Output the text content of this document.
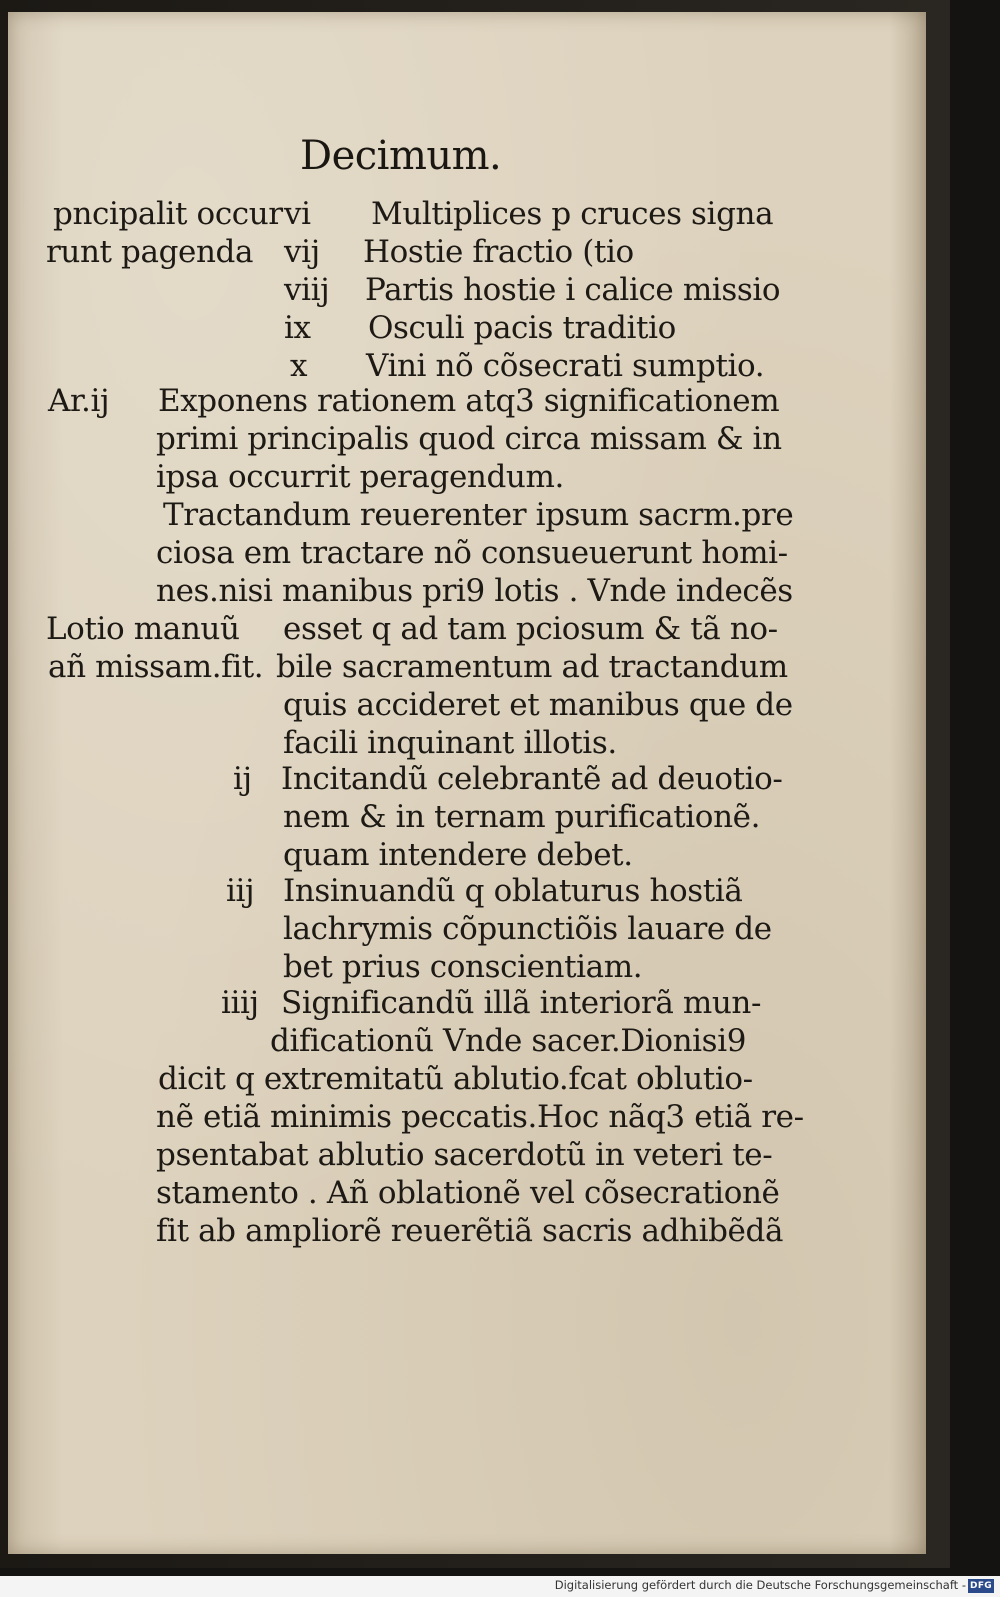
Decimum.
pncipalit occur
runt pagenda
vi Multiplices p cruces signa
vij Hostie fractio (tio
viij Partis hostie i calice missio
ix Osculi pacis traditio
x Vini nõ cõsecrati sumptio.
Ar.ij Exponens rationem atq3 significationem
primi principalis quod circa missam & in
ipsa occurrit peragendum.
Tractandum reuerenter ipsum sacrm.pre
ciosa em tractare nõ consueuerunt homi-
nes.nisi manibus pri9 lotis . Vnde indecẽs
Lotio manuũ esset q ad tam pciosum & tã no-
añ missam.fit. bile sacramentum ad tractandum
quis accideret et manibus que de
facili inquinant illotis.
ij Incitandũ celebrantẽ ad deuotio-
nem & in ternam purificationẽ.
quam intendere debet.
iij Insinuandũ q oblaturus hostiã
lachrymis cõpunctiõis lauare de
bet prius conscientiam.
iiij Significandũ illã interiorã mun-
dificationũ Vnde sacer.Dionisi9
dicit q extremitatũ ablutio.fcat oblutio-
nẽ etiã minimis peccatis.Hoc nãq3 etiã re-
psentabat ablutio sacerdotũ in veteri te-
stamento . Añ oblationẽ vel cõsecrationẽ
fit ab ampliorẽ reuerẽtiã sacris adhibẽdã
Digitalisierung gefördert durch die Deutsche Forschungsgemeinschaft - DFG
